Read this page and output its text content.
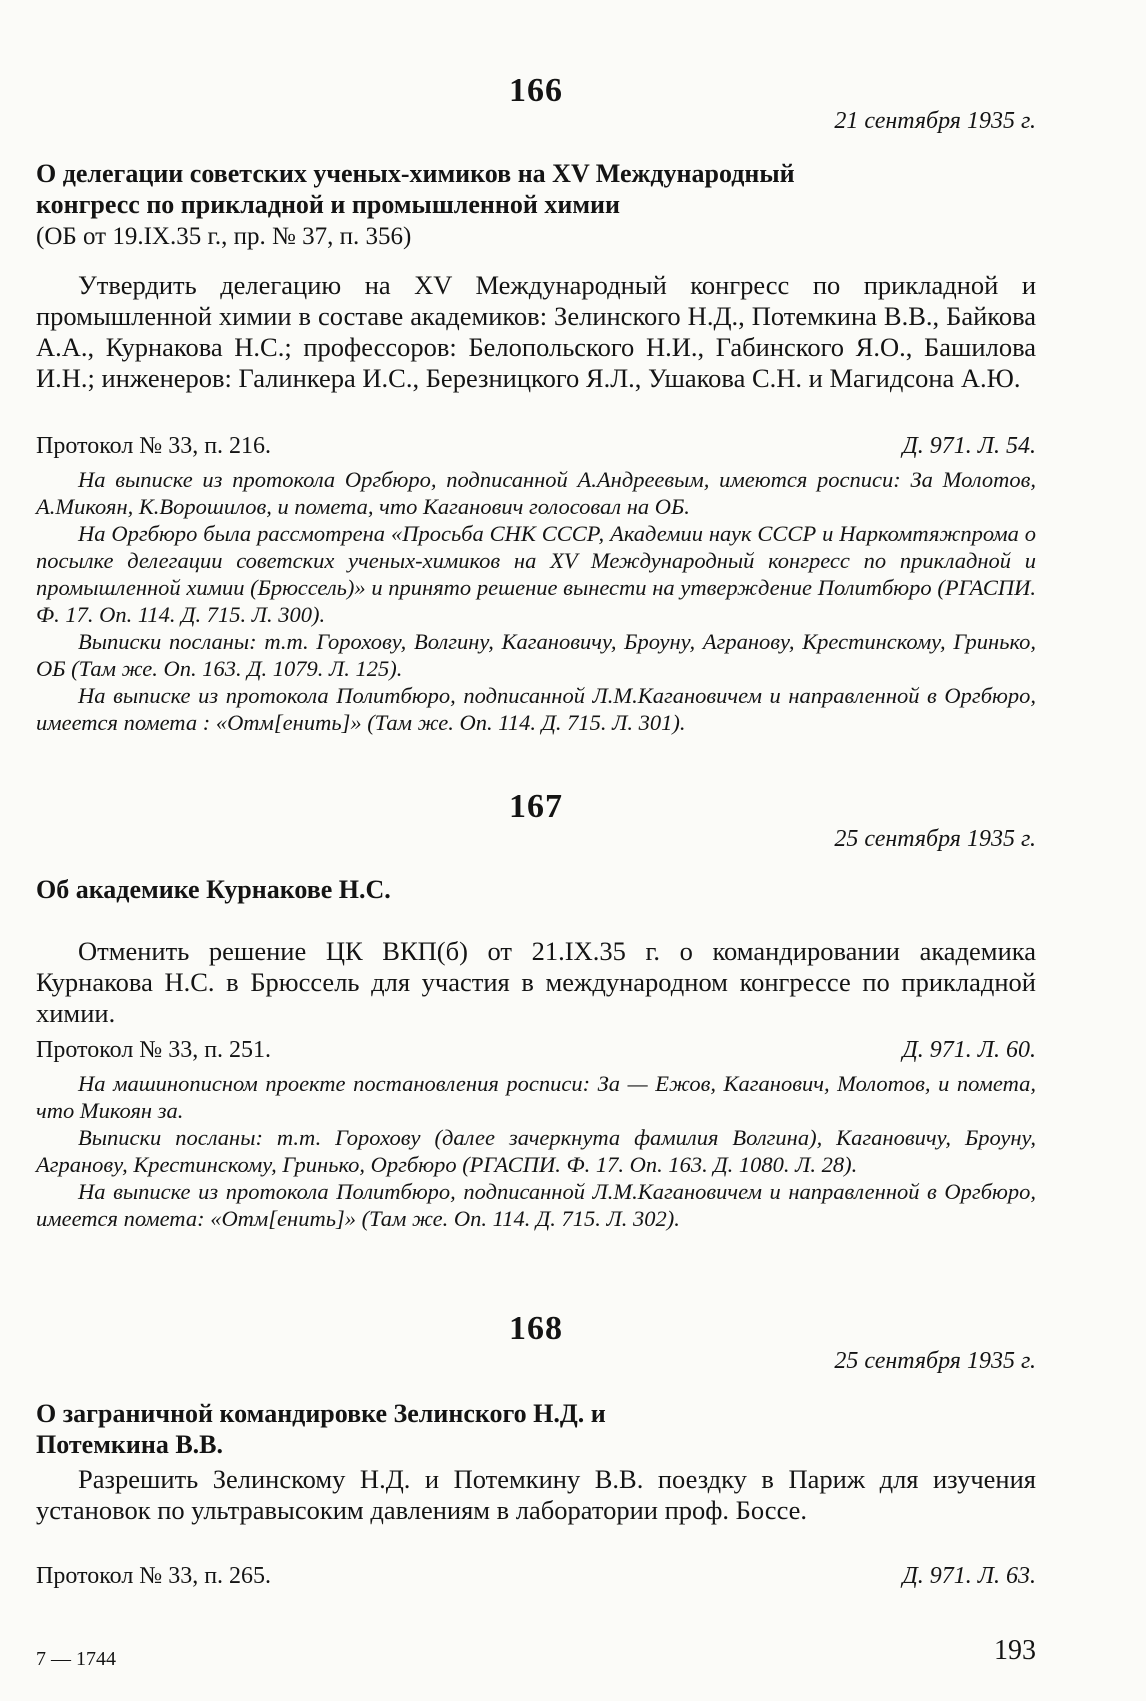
166
21 сентября 1935 г.
О делегации советских ученых-химиков на XV Международный конгресс по прикладной и промышленной химии
(ОБ от 19.IX.35 г., пр. № 37, п. 356)

Утвердить делегацию на XV Международный конгресс по прикладной и промышленной химии в составе академиков: Зелинского Н.Д., Потемкина В.В., Байкова А.А., Курнакова Н.С.; профессоров: Белопольского Н.И., Габинского Я.О., Башилова И.Н.; инженеров: Галинкера И.С., Березницкого Я.Л., Ушакова С.Н. и Магидсона А.Ю.

Протокол № 33, п. 216.	Д. 971. Л. 54.

На выписке из протокола Оргбюро, подписанной А.Андреевым, имеются росписи: За Молотов, А.Микоян, К.Ворошилов, и помета, что Каганович голосовал на ОБ.

На Оргбюро была рассмотрена «Просьба СНК СССР, Академии наук СССР и Наркомтяжпрома о посылке делегации советских ученых-химиков на XV Международный конгресс по прикладной и промышленной химии (Брюссель)» и принято решение вынести на утверждение Политбюро (РГАСПИ. Ф. 17. Оп. 114. Д. 715. Л. 300).

Выписки посланы: т.т. Горохову, Волгину, Кагановичу, Броуну, Агранову, Крестинскому, Гринько, ОБ (Там же. Оп. 163. Д. 1079. Л. 125).

На выписке из протокола Политбюро, подписанной Л.М.Кагановичем и направленной в Оргбюро, имеется помета : «Отм[енить]» (Там же. Оп. 114. Д. 715. Л. 301).

167
25 сентября 1935 г.
Об академике Курнакове Н.С.

Отменить решение ЦК ВКП(б) от 21.IX.35 г. о командировании академика Курнакова Н.С. в Брюссель для участия в международном конгрессе по прикладной химии.

Протокол № 33, п. 251.	Д. 971. Л. 60.

На машинописном проекте постановления росписи: За — Ежов, Каганович, Молотов, и помета, что Микоян за.

Выписки посланы: т.т. Горохову (далее зачеркнута фамилия Волгина), Кагановичу, Броуну, Агранову, Крестинскому, Гринько, Оргбюро (РГАСПИ. Ф. 17. Оп. 163. Д. 1080. Л. 28).

На выписке из протокола Политбюро, подписанной Л.М.Кагановичем и направленной в Оргбюро, имеется помета: «Отм[енить]» (Там же. Оп. 114. Д. 715. Л. 302).

168
25 сентября 1935 г.
О заграничной командировке Зелинского Н.Д. и Потемкина В.В.

Разрешить Зелинскому Н.Д. и Потемкину В.В. поездку в Париж для изучения установок по ультравысоким давлениям в лаборатории проф. Боссе.

Протокол № 33, п. 265.	Д. 971. Л. 63.
7 — 1744	193
